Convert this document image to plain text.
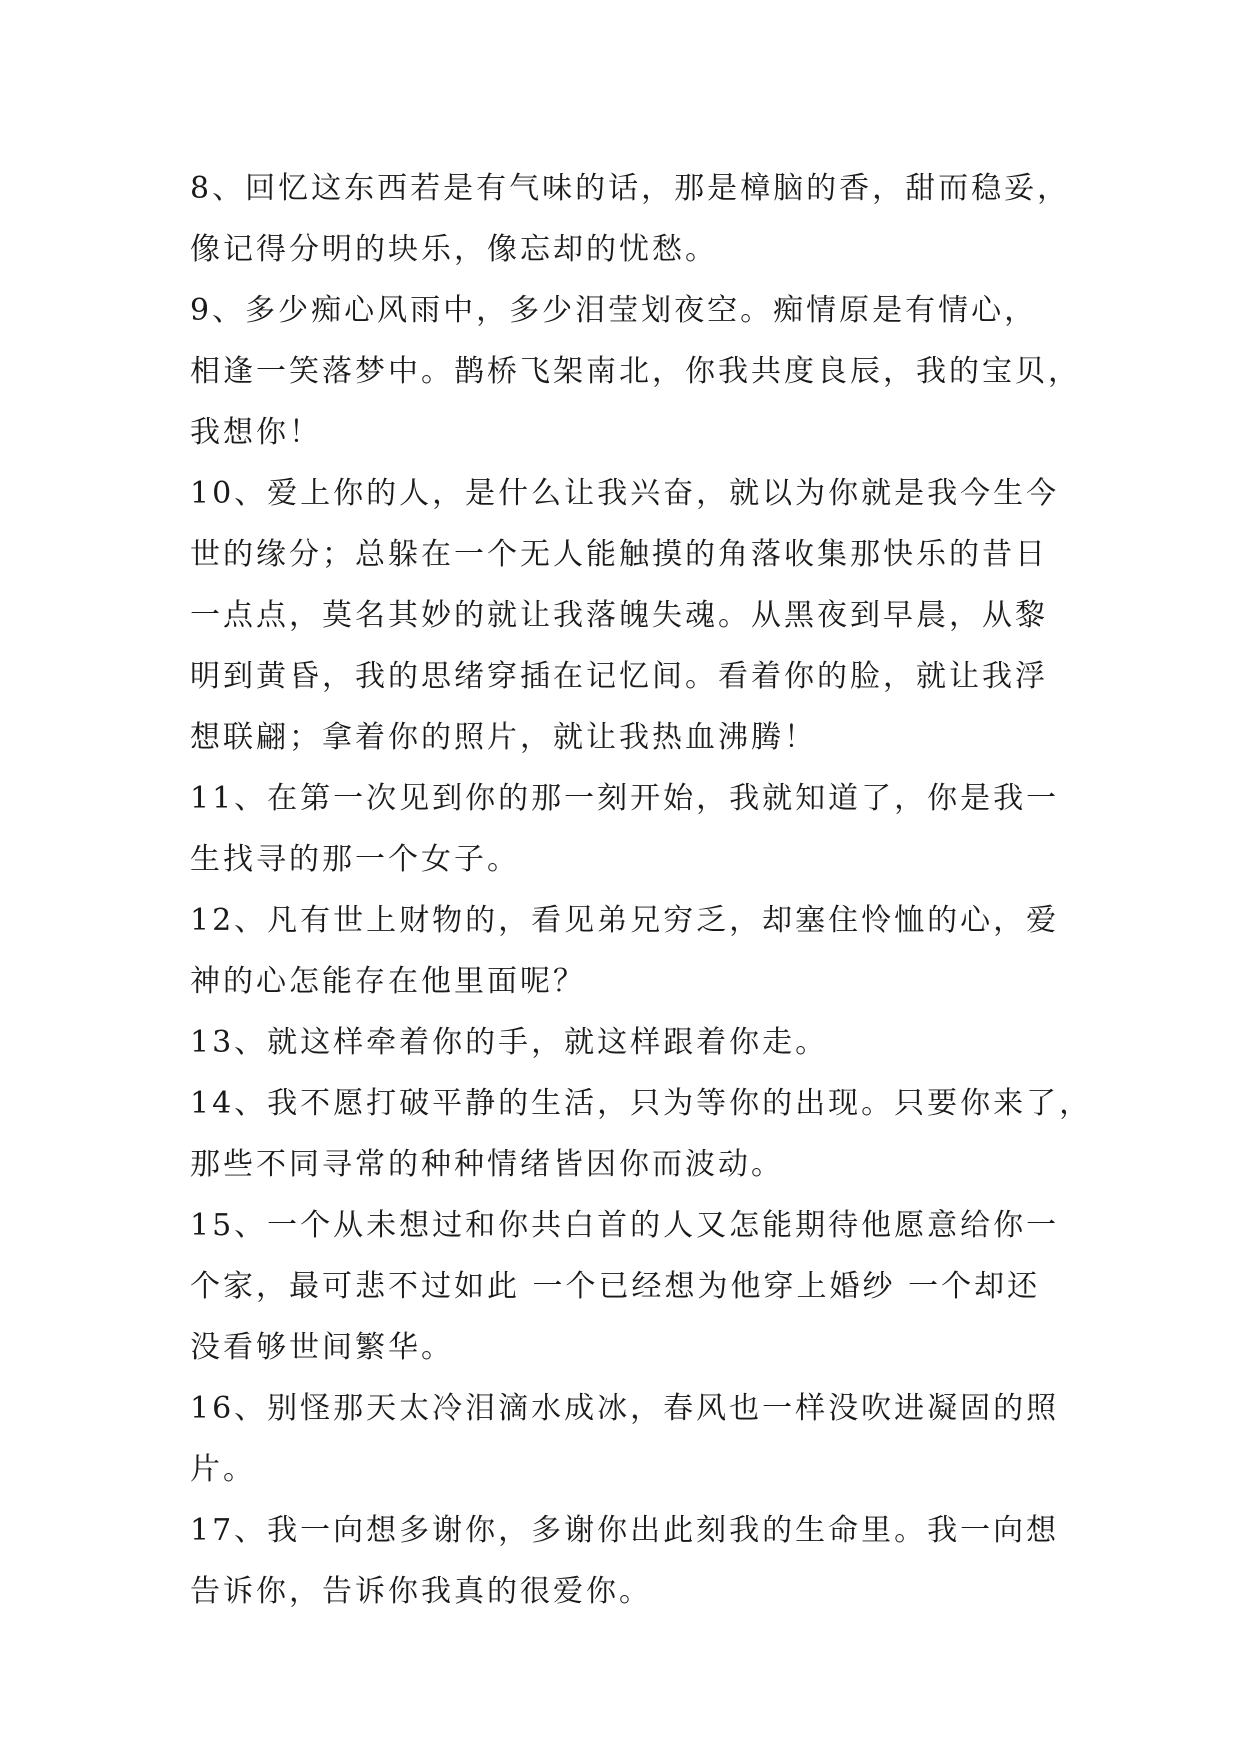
8、回忆这东西若是有气味的话，那是樟脑的香，甜而稳妥，
像记得分明的块乐，像忘却的忧愁。
9、多少痴心风雨中，多少泪莹划夜空。痴情原是有情心，
相逢一笑落梦中。鹊桥飞架南北，你我共度良辰，我的宝贝，
我想你！
10、爱上你的人，是什么让我兴奋，就以为你就是我今生今
世的缘分；总躲在一个无人能触摸的角落收集那快乐的昔日
一点点，莫名其妙的就让我落魄失魂。从黑夜到早晨，从黎
明到黄昏，我的思绪穿插在记忆间。看着你的脸，就让我浮
想联翩；拿着你的照片，就让我热血沸腾！
11、在第一次见到你的那一刻开始，我就知道了，你是我一
生找寻的那一个女子。
12、凡有世上财物的，看见弟兄穷乏，却塞住怜恤的心，爱
神的心怎能存在他里面呢？
13、就这样牵着你的手，就这样跟着你走。
14、我不愿打破平静的生活，只为等你的出现。只要你来了，
那些不同寻常的种种情绪皆因你而波动。
15、一个从未想过和你共白首的人又怎能期待他愿意给你一
个家，最可悲不过如此 一个已经想为他穿上婚纱 一个却还
没看够世间繁华。
16、别怪那天太冷泪滴水成冰，春风也一样没吹进凝固的照
片。
17、我一向想多谢你，多谢你出此刻我的生命里。我一向想
告诉你，告诉你我真的很爱你。
